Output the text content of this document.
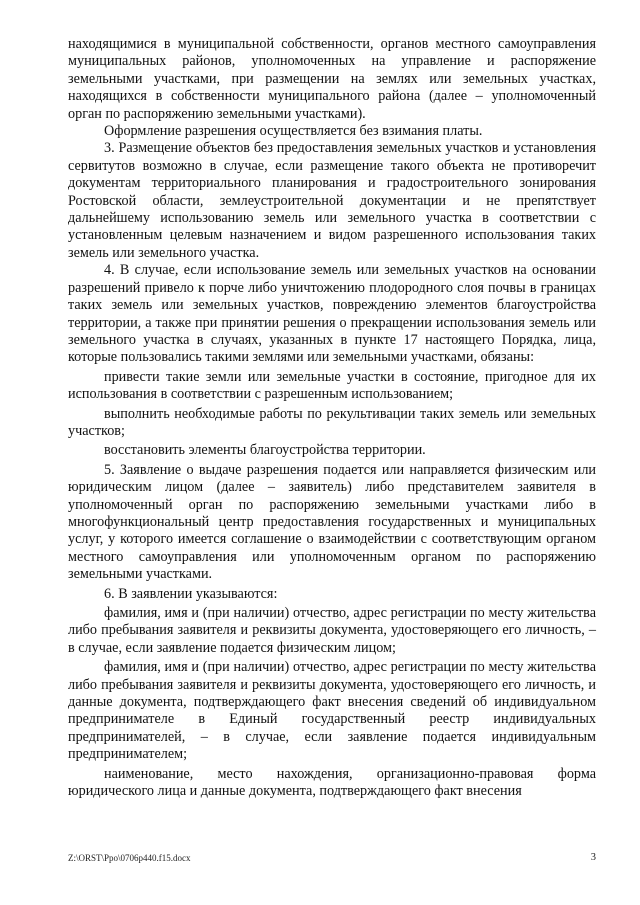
находящимися в муниципальной собственности, органов местного самоуправления муниципальных районов, уполномоченных на управление и распоряжение земельными участками, при размещении на землях или земельных участках, находящихся в собственности муниципального района (далее – уполномоченный орган по распоряжению земельными участками).

Оформление разрешения осуществляется без взимания платы.

3. Размещение объектов без предоставления земельных участков и установления сервитутов возможно в случае, если размещение такого объекта не противоречит документам территориального планирования и градостроительного зонирования Ростовской области, землеустроительной документации и не препятствует дальнейшему использованию земель или земельного участка в соответствии с установленным целевым назначением и видом разрешенного использования таких земель или земельного участка.

4. В случае, если использование земель или земельных участков на основании разрешений привело к порче либо уничтожению плодородного слоя почвы в границах таких земель или земельных участков, повреждению элементов благоустройства территории, а также при принятии решения о прекращении использования земель или земельного участка в случаях, указанных в пункте 17 настоящего Порядка, лица, которые пользовались такими землями или земельными участками, обязаны:

привести такие земли или земельные участки в состояние, пригодное для их использования в соответствии с разрешенным использованием;

выполнить необходимые работы по рекультивации таких земель или земельных участков;

восстановить элементы благоустройства территории.

5. Заявление о выдаче разрешения подается или направляется физическим или юридическим лицом (далее – заявитель) либо представителем заявителя в уполномоченный орган по распоряжению земельными участками либо в многофункциональный центр предоставления государственных и муниципальных услуг, у которого имеется соглашение о взаимодействии с соответствующим органом местного самоуправления или уполномоченным органом по распоряжению земельными участками.

6. В заявлении указываются:

фамилия, имя и (при наличии) отчество, адрес регистрации по месту жительства либо пребывания заявителя и реквизиты документа, удостоверяющего его личность, – в случае, если заявление подается физическим лицом;

фамилия, имя и (при наличии) отчество, адрес регистрации по месту жительства либо пребывания заявителя и реквизиты документа, удостоверяющего его личность, и данные документа, подтверждающего факт внесения сведений об индивидуальном предпринимателе в Единый государственный реестр индивидуальных предпринимателей, – в случае, если заявление подается индивидуальным предпринимателем;

наименование, место нахождения, организационно-правовая форма юридического лица и данные документа, подтверждающего факт внесения

Z:\ORST\Ppo\0706p440.f15.docx	3
